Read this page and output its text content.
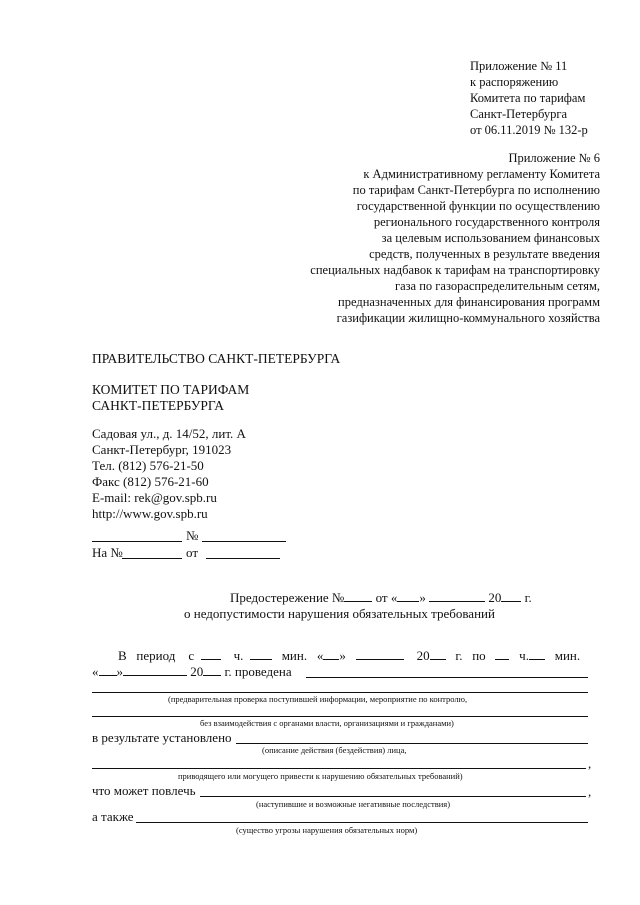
Приложение № 11
к распоряжению
Комитета по тарифам
Санкт-Петербурга
от 06.11.2019 № 132-р
Приложение № 6
к Административному регламенту Комитета
по тарифам Санкт-Петербурга по исполнению
государственной функции по осуществлению
регионального государственного контроля
за целевым использованием финансовых
средств, полученных в результате введения
специальных надбавок к тарифам на транспортировку
газа по газораспределительным сетям,
предназначенных для финансирования программ
газификации жилищно-коммунального хозяйства
ПРАВИТЕЛЬСТВО САНКТ-ПЕТЕРБУРГА
КОМИТЕТ ПО ТАРИФАМ
САНКТ-ПЕТЕРБУРГА
Садовая ул., д. 14/52, лит. А
Санкт-Петербург, 191023
Тел. (812) 576-21-50
Факс (812) 576-21-60
E-mail: rek@gov.spb.ru
http://www.gov.spb.ru
№
На №	от
Предостережение № от « »	20 г.
о недопустимости нарушения обязательных требований
В период с	ч.	мин. « »	20 г. по	ч. мин.
« »	20 г. проведена
(предварительная проверка поступившей информации, мероприятие по контролю,
без взаимодействия с органами власти, организациями и гражданами)
в результате установлено
(описание действия (бездействия) лица,
,
приводящего или могущего привести к нарушению обязательных требований)
что может повлечь	,
(наступившие и возможные негативные последствия)
а также
(существо угрозы нарушения обязательных норм)
